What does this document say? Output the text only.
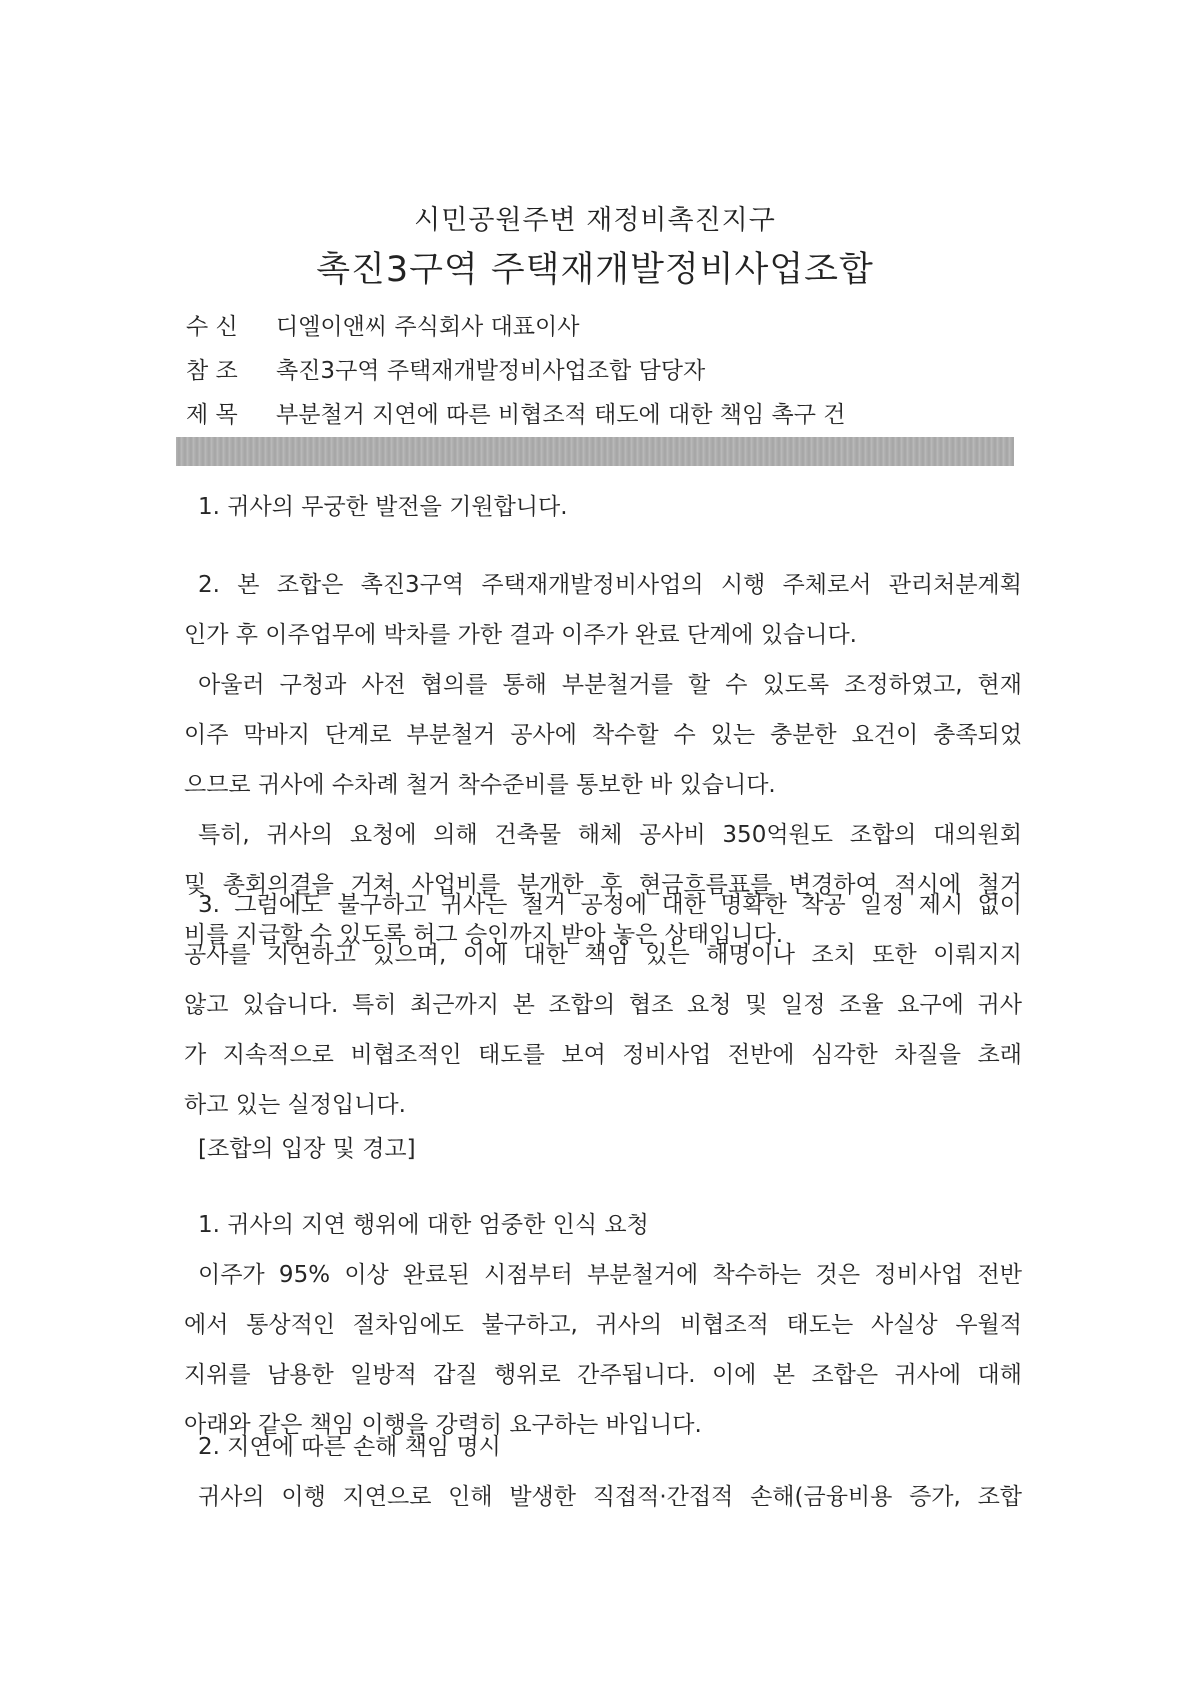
시민공원주변 재정비촉진지구
촉진3구역 주택재개발정비사업조합
수 신 디엘이앤씨 주식회사 대표이사
참 조 촉진3구역 주택재개발정비사업조합 담당자
제 목 부분철거 지연에 따른 비협조적 태도에 대한 책임 촉구 건
1. 귀사의 무궁한 발전을 기원합니다.
2. 본 조합은 촉진3구역 주택재개발정비사업의 시행 주체로서 관리처분계획
인가 후 이주업무에 박차를 가한 결과 이주가 완료 단계에 있습니다.
아울러 구청과 사전 협의를 통해 부분철거를 할 수 있도록 조정하였고, 현재
이주 막바지 단계로 부분철거 공사에 착수할 수 있는 충분한 요건이 충족되었
으므로 귀사에 수차례 철거 착수준비를 통보한 바 있습니다.
특히, 귀사의 요청에 의해 건축물 해체 공사비 350억원도 조합의 대의원회
및 총회의결을 거쳐 사업비를 분개한 후 현금흐름표를 변경하여 적시에 철거
비를 지급할 수 있도록 허그 승인까지 받아 놓은 상태입니다.
3. 그럼에도 불구하고 귀사는 철거 공정에 대한 명확한 착공 일정 제시 없이
공사를 지연하고 있으며, 이에 대한 책임 있는 해명이나 조치 또한 이뤄지지
않고 있습니다. 특히 최근까지 본 조합의 협조 요청 및 일정 조율 요구에 귀사
가 지속적으로 비협조적인 태도를 보여 정비사업 전반에 심각한 차질을 초래
하고 있는 실정입니다.
[조합의 입장 및 경고]
1. 귀사의 지연 행위에 대한 엄중한 인식 요청
이주가 95% 이상 완료된 시점부터 부분철거에 착수하는 것은 정비사업 전반
에서 통상적인 절차임에도 불구하고, 귀사의 비협조적 태도는 사실상 우월적
지위를 남용한 일방적 갑질 행위로 간주됩니다. 이에 본 조합은 귀사에 대해
아래와 같은 책임 이행을 강력히 요구하는 바입니다.
2. 지연에 따른 손해 책임 명시
귀사의 이행 지연으로 인해 발생한 직접적·간접적 손해(금융비용 증가, 조합
